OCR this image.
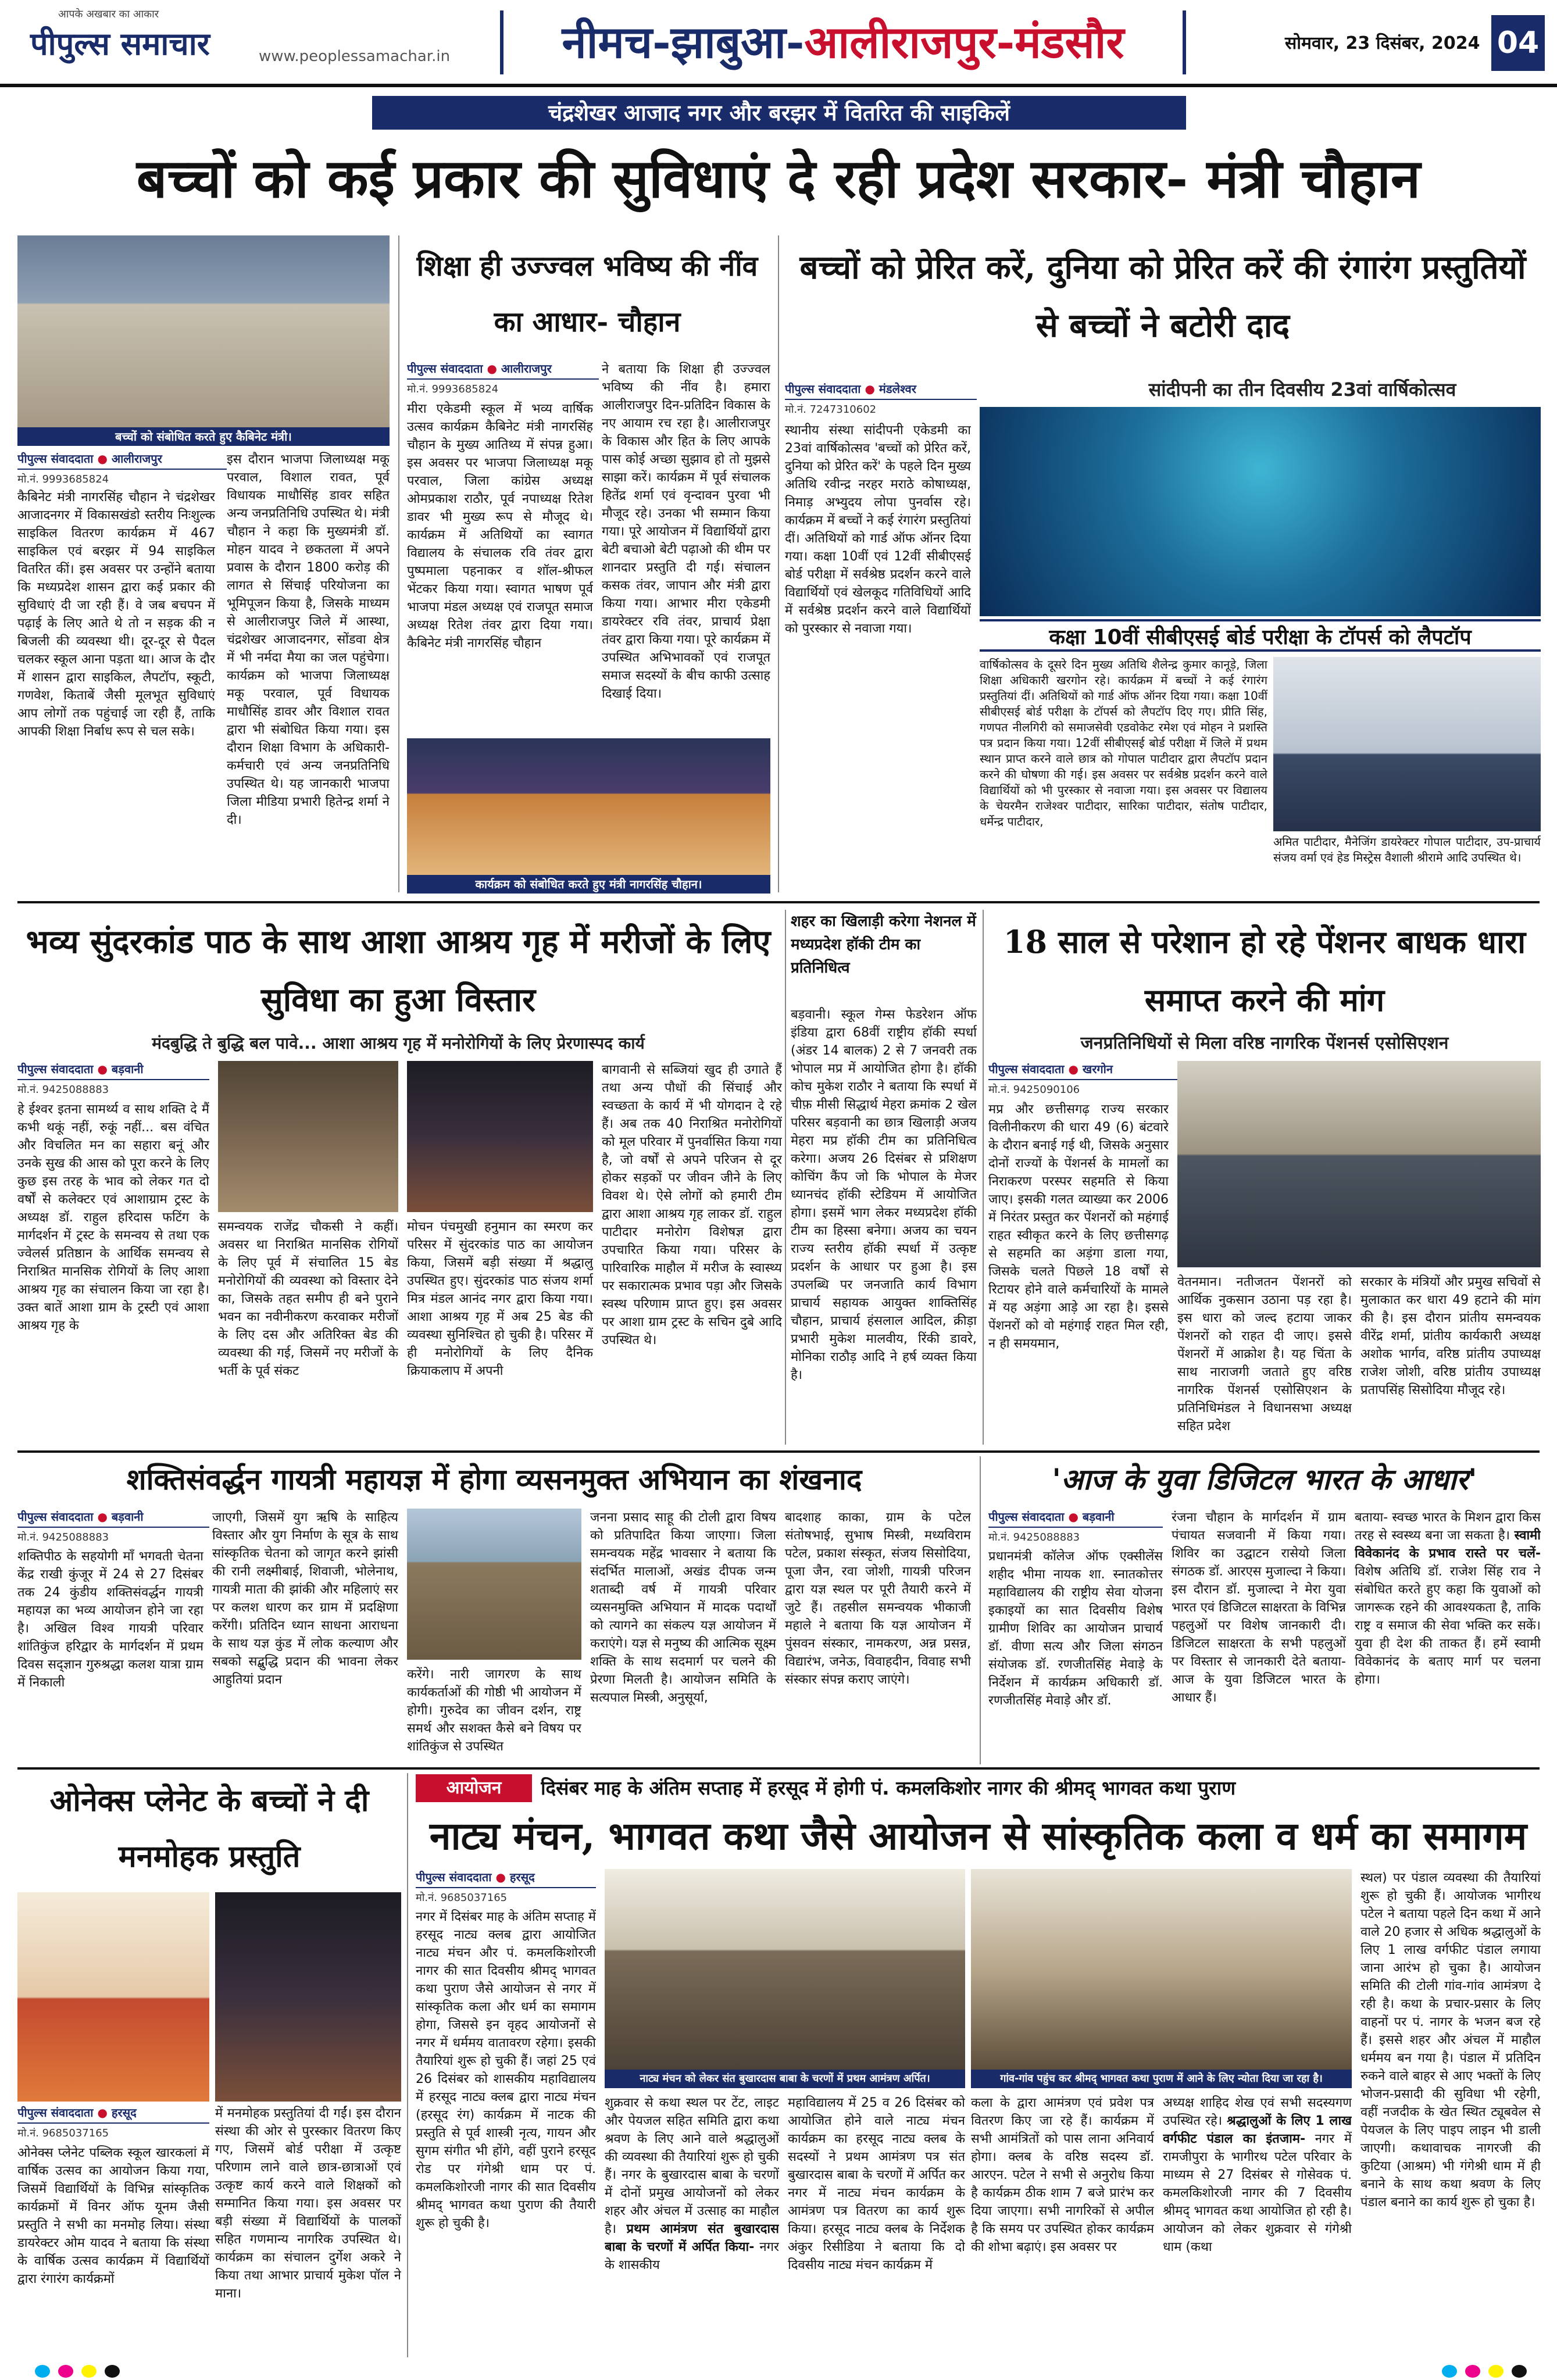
आपके अखबार का आकार
पीपुल्स समाचार	www.peoplessamachar.in	नीमच-झाबुआ-आलीराजपुर-मंडसौर	सोमवार, 23 दिसंबर, 2024 04
चंद्रशेखर आजाद नगर और बरझर में वितरित की साइकिलें
बच्चों को कई प्रकार की सुविधाएं दे रही प्रदेश सरकार- मंत्री चौहान
बच्चों को संबोधित करते हुए कैबिनेट मंत्री।
पीपुल्स संवाददाता ● आलीराजपुर
मो.नं. 9993685824
कैबिनेट मंत्री नागरसिंह चौहान ने चंद्रशेखर आजादनगर में विकासखंडो स्तरीय निःशुल्क साइकिल वितरण कार्यक्रम में 467 साइकिल एवं बरझर में 94 साइकिल वितरित कीं। इस अवसर पर उन्होंने बताया कि मध्यप्रदेश शासन द्वारा कई प्रकार की सुविधाएं दी जा रही हैं। वे जब बचपन में पढ़ाई के लिए आते थे तो न सड़क की न बिजली की व्यवस्था थी। दूर-दूर से पैदल चलकर स्कूल आना पड़ता था। आज के दौर में शासन द्वारा साइकिल, लैपटॉप, स्कूटी, गणवेश, किताबें जैसी मूलभूत सुविधाएं आप लोगों तक पहुंचाई जा रही हैं, ताकि आपकी शिक्षा निर्बाध रूप से चल सके।
इस दौरान भाजपा जिलाध्यक्ष मकू परवाल, विशाल रावत, पूर्व विधायक माधौसिंह डावर सहित अन्य जनप्रतिनिधि उपस्थित थे। मंत्री चौहान ने कहा कि मुख्यमंत्री डॉ. मोहन यादव ने छकतला में अपने प्रवास के दौरान 1800 करोड़ की लागत से सिंचाई परियोजना का भूमिपूजन किया है, जिसके माध्यम से आलीराजपुर जिले में आस्था, चंद्रशेखर आजादनगर, सोंडवा क्षेत्र में भी नर्मदा मैया का जल पहुंचेगा। कार्यक्रम को भाजपा जिलाध्यक्ष मकू परवाल, पूर्व विधायक माधौसिंह डावर और विशाल रावत द्वारा भी संबोधित किया गया। इस दौरान शिक्षा विभाग के अधिकारी-कर्मचारी एवं अन्य जनप्रतिनिधि उपस्थित थे। यह जानकारी भाजपा जिला मीडिया प्रभारी हितेन्द्र शर्मा ने दी।
शिक्षा ही उज्ज्वल भविष्य की नींव का आधार- चौहान
पीपुल्स संवाददाता ● आलीराजपुर
मो.नं. 9993685824
मीरा एकेडमी स्कूल में भव्य वार्षिक उत्सव कार्यक्रम कैबिनेट मंत्री नागरसिंह चौहान के मुख्य आतिथ्य में संपन्न हुआ। इस अवसर पर भाजपा जिलाध्यक्ष मकू परवाल, जिला कांग्रेस अध्यक्ष ओमप्रकाश राठौर, पूर्व नपाध्यक्ष रितेश डावर भी मुख्य रूप से मौजूद थे। कार्यक्रम में अतिथियों का स्वागत विद्यालय के संचालक रवि तंवर द्वारा पुष्पमाला पहनाकर व शॉल-श्रीफल भेंटकर किया गया। स्वागत भाषण पूर्व भाजपा मंडल अध्यक्ष एवं राजपूत समाज अध्यक्ष रितेश तंवर द्वारा दिया गया। कैबिनेट मंत्री नागरसिंह चौहान
ने बताया कि शिक्षा ही उज्ज्वल भविष्य की नींव है। हमारा आलीराजपुर दिन-प्रतिदिन विकास के नए आयाम रच रहा है। आलीराजपुर के विकास और हित के लिए आपके पास कोई अच्छा सुझाव हो तो मुझसे साझा करें। कार्यक्रम में पूर्व संचालक हितेंद्र शर्मा एवं वृन्दावन पुरवा भी मौजूद रहे। उनका भी सम्मान किया गया। पूरे आयोजन में विद्यार्थियों द्वारा बेटी बचाओ बेटी पढ़ाओ की थीम पर शानदार प्रस्तुति दी गई। संचालन कसक तंवर, जापान और मंत्री द्वारा किया गया। आभार मीरा एकेडमी डायरेक्टर रवि तंवर, प्राचार्य प्रेक्षा तंवर द्वारा किया गया। पूरे कार्यक्रम में उपस्थित अभिभावकों एवं राजपूत समाज सदस्यों के बीच काफी उत्साह दिखाई दिया।
कार्यक्रम को संबोधित करते हुए मंत्री नागरसिंह चौहान।
बच्चों को प्रेरित करें, दुनिया को प्रेरित करें की रंगारंग प्रस्तुतियों से बच्चों ने बटोरी दाद
सांदीपनी का तीन दिवसीय 23वां वार्षिकोत्सव
पीपुल्स संवाददाता ● मंडलेश्वर
मो.नं. 7247310602
स्थानीय संस्था सांदीपनी एकेडमी का 23वां वार्षिकोत्सव 'बच्चों को प्रेरित करें, दुनिया को प्रेरित करें' के पहले दिन मुख्य अतिथि रवीन्द्र नरहर मराठे कोषाध्यक्ष, निमाड़ अभ्युदय लोपा पुनर्वास रहे। कार्यक्रम में बच्चों ने कई रंगारंग प्रस्तुतियां दीं। अतिथियों को गार्ड ऑफ ऑनर दिया गया। कक्षा 10वीं एवं 12वीं सीबीएसई बोर्ड परीक्षा में सर्वश्रेष्ठ प्रदर्शन करने वाले विद्यार्थियों एवं खेलकूद गतिविधियों आदि में सर्वश्रेष्ठ प्रदर्शन करने वाले विद्यार्थियों को पुरस्कार से नवाजा गया।	कक्षा 10वीं सीबीएसई बोर्ड परीक्षा के टॉपर्स को लैपटॉप
वार्षिकोत्सव के दूसरे दिन मुख्य अतिथि शैलेन्द्र कुमार कानूड़े, जिला शिक्षा अधिकारी खरगोन रहे। कार्यक्रम में बच्चों ने कई रंगारंग प्रस्तुतियां दीं। अतिथियों को गार्ड ऑफ ऑनर दिया गया। कक्षा 10वीं सीबीएसई बोर्ड परीक्षा के टॉपर्स को लैपटॉप दिए गए। प्रीति सिंह, गणपत नीलगिरी को समाजसेवी एडवोकेट रमेश एवं मोहन ने प्रशस्ति पत्र प्रदान किया गया। 12वीं सीबीएसई बोर्ड परीक्षा में जिले में प्रथम स्थान प्राप्त करने वाले छात्र को गोपाल पाटीदार द्वारा लैपटॉप प्रदान करने की घोषणा की गई। इस अवसर पर सर्वश्रेष्ठ प्रदर्शन करने वाले विद्यार्थियों को भी पुरस्कार से नवाजा गया। इस अवसर पर विद्यालय के चेयरमैन राजेश्वर पाटीदार, सारिका पाटीदार, संतोष पाटीदार, धर्मेन्द्र पाटीदार,
अमित पाटीदार, मैनेजिंग डायरेक्टर गोपाल पाटीदार, उप-प्राचार्य संजय वर्मा एवं हेड मिस्ट्रेस वैशाली श्रीरामे आदि उपस्थित थे।
भव्य सुंदरकांड पाठ के साथ आशा आश्रय गृह में मरीजों के लिए सुविधा का हुआ विस्तार
मंदबुद्धि ते बुद्धि बल पावे... आशा आश्रय गृह में मनोरोगियों के लिए प्रेरणास्पद कार्य
पीपुल्स संवाददाता ● बड़वानी
मो.नं. 9425088883
हे ईश्वर इतना सामर्थ्य व साथ शक्ति दे मैं कभी थकूं नहीं, रुकूं नहीं... बस वंचित और विचलित मन का सहारा बनूं और उनके सुख की आस को पूरा करने के लिए कुछ इस तरह के भाव को लेकर गत दो वर्षों से कलेक्टर एवं आशाग्राम ट्रस्ट के अध्यक्ष डॉ. राहुल हरिदास फटिंग के मार्गदर्शन में ट्रस्ट के समन्वय से तथा एक ज्वेलर्स प्रतिष्ठान के आर्थिक समन्वय से निराश्रित मानसिक रोगियों के लिए आशा आश्रय गृह का संचालन किया जा रहा है। उक्त बातें आशा ग्राम के ट्रस्टी एवं आशा आश्रय गृह के
समन्वयक राजेंद्र चौकसी ने कहीं। अवसर था निराश्रित मानसिक रोगियों के लिए पूर्व में संचालित 15 बेड मनोरोगियों की व्यवस्था को विस्तार देने का, जिसके तहत समीप ही बने पुराने भवन का नवीनीकरण करवाकर मरीजों के लिए दस और अतिरिक्त बेड की व्यवस्था की गई, जिसमें नए मरीजों के भर्ती के पूर्व संकट
मोचन पंचमुखी हनुमान का स्मरण कर परिसर में सुंदरकांड पाठ का आयोजन किया, जिसमें बड़ी संख्या में श्रद्धालु उपस्थित हुए। सुंदरकांड पाठ संजय शर्मा मित्र मंडल आनंद नगर द्वारा किया गया। आशा आश्रय गृह में अब 25 बेड की व्यवस्था सुनिश्चित हो चुकी है। परिसर में ही मनोरोगियों के लिए दैनिक क्रियाकलाप में अपनी
बागवानी से सब्जियां खुद ही उगाते हैं तथा अन्य पौधों की सिंचाई और स्वच्छता के कार्य में भी योगदान दे रहे हैं। अब तक 40 निराश्रित मनोरोगियों को मूल परिवार में पुनर्वासित किया गया है, जो वर्षों से अपने परिजन से दूर होकर सड़कों पर जीवन जीने के लिए विवश थे। ऐसे लोगों को हमारी टीम द्वारा आशा आश्रय गृह लाकर डॉ. राहुल पाटीदार मनोरोग विशेषज्ञ द्वारा उपचारित किया गया। परिसर के पारिवारिक माहौल में मरीज के स्वास्थ्य पर सकारात्मक प्रभाव पड़ा और जिसके स्वस्थ परिणाम प्राप्त हुए। इस अवसर पर आशा ग्राम ट्रस्ट के सचिन दुबे आदि उपस्थित थे।
शहर का खिलाड़ी करेगा नेशनल में मध्यप्रदेश हॉकी टीम का प्रतिनिधित्व
बड़वानी। स्कूल गेम्स फेडरेशन ऑफ इंडिया द्वारा 68वीं राष्ट्रीय हॉकी स्पर्धा (अंडर 14 बालक) 2 से 7 जनवरी तक भोपाल मप्र में आयोजित होगा है। हॉकी कोच मुकेश राठौर ने बताया कि स्पर्धा में चीफ़ मीसी सिद्धार्थ मेहरा क्रमांक 2 खेल परिसर बड़वानी का छात्र खिलाड़ी अजय मेहरा मप्र हॉकी टीम का प्रतिनिधित्व करेगा। अजय 26 दिसंबर से प्रशिक्षण कोचिंग कैंप जो कि भोपाल के मेजर ध्यानचंद हॉकी स्टेडियम में आयोजित होगा। इसमें भाग लेकर मध्यप्रदेश हॉकी टीम का हिस्सा बनेगा। अजय का चयन राज्य स्तरीय हॉकी स्पर्धा में उत्कृष्ट प्रदर्शन के आधार पर हुआ है। इस उपलब्धि पर जनजाति कार्य विभाग प्राचार्य सहायक आयुक्त शाक्तिसिंह चौहान, प्राचार्य हंसलाल आदिल, क्रीड़ा प्रभारी मुकेश मालवीय, रिंकी डावरे, मोनिका राठौड़ आदि ने हर्ष व्यक्त किया है।
18 साल से परेशान हो रहे पेंशनर बाधक धारा समाप्त करने की मांग
जनप्रतिनिधियों से मिला वरिष्ठ नागरिक पेंशनर्स एसोसिएशन
पीपुल्स संवाददाता ● खरगोन
मो.नं. 9425090106
मप्र और छत्तीसगढ़ राज्य सरकार विलीनीकरण की धारा 49 (6) बंटवारे के दौरान बनाई गई थी, जिसके अनुसार दोनों राज्यों के पेंशनर्स के मामलों का निराकरण परस्पर सहमति से किया जाए। इसकी गलत व्याख्या कर 2006 में निरंतर प्रस्तुत कर पेंशनरों को महंगाई राहत स्वीकृत करने के लिए छत्तीसगढ़ से सहमति का अड़ंगा डाला गया, जिसके चलते पिछले 18 वर्षों से रिटायर होने वाले कर्मचारियों के मामले में यह अड़ंगा आड़े आ रहा है। इससे पेंशनरों को वो महंगाई राहत मिल रही, न ही समयमान,
वेतनमान। नतीजतन पेंशनरों को आर्थिक नुकसान उठाना पड़ रहा है। इस धारा को जल्द हटाया जाकर पेंशनरों को राहत दी जाए। इससे पेंशनरों में आक्रोश है। यह चिंता के साथ नाराजगी जताते हुए वरिष्ठ नागरिक पेंशनर्स एसोसिएशन के प्रतिनिधिमंडल ने विधानसभा अध्यक्ष सहित प्रदेश
सरकार के मंत्रियों और प्रमुख सचिवों से मुलाकात कर धारा 49 हटाने की मांग की है। इस दौरान प्रांतीय समन्वयक वीरेंद्र शर्मा, प्रांतीय कार्यकारी अध्यक्ष अशोक भार्गव, वरिष्ठ प्रांतीय उपाध्यक्ष राजेश जोशी, वरिष्ठ प्रांतीय उपाध्यक्ष प्रतापसिंह सिसोदिया मौजूद रहे।
शक्तिसंवर्द्धन गायत्री महायज्ञ में होगा व्यसनमुक्त अभियान का शंखनाद
पीपुल्स संवाददाता ● बड़वानी
मो.नं. 9425088883
शक्तिपीठ के सहयोगी माँ भगवती चेतना केंद्र राखी कुंजूर में 24 से 27 दिसंबर तक 24 कुंडीय शक्तिसंवर्द्धन गायत्री महायज्ञ का भव्य आयोजन होने जा रहा है। अखिल विश्व गायत्री परिवार शांतिकुंज हरिद्वार के मार्गदर्शन में प्रथम दिवस सद्ज्ञान गुरुश्रद्धा कलश यात्रा ग्राम में निकाली
जाएगी, जिसमें युग ऋषि के साहित्य विस्तार और युग निर्माण के सूत्र के साथ सांस्कृतिक चेतना को जागृत करने झांसी की रानी लक्ष्मीबाई, शिवाजी, भोलेनाथ, गायत्री माता की झांकी और महिलाएं सर पर कलश धारण कर ग्राम में प्रदक्षिणा करेंगी। प्रतिदिन ध्यान साधना आराधना के साथ यज्ञ कुंड में लोक कल्याण और सबको सद्बुद्धि प्रदान की भावना लेकर आहुतियां प्रदान	करेंगे। नारी जागरण के साथ कार्यकर्ताओं की गोष्ठी भी आयोजन में होगी। गुरुदेव का जीवन दर्शन, राष्ट्र समर्थ और सशक्त कैसे बने विषय पर शांतिकुंज से उपस्थित
जनना प्रसाद साहू की टोली द्वारा विषय को प्रतिपादित किया जाएगा। जिला समन्वयक महेंद्र भावसार ने बताया कि संदर्भित मालाओं, अखंड दीपक जन्म शताब्दी वर्ष में गायत्री परिवार व्यसनमुक्ति अभियान में मादक पदार्थों को त्यागने का संकल्प यज्ञ आयोजन में कराएंगे। यज्ञ से मनुष्य की आत्मिक सूक्ष्म शक्ति के साथ सदमार्ग पर चलने की प्रेरणा मिलती है। आयोजन समिति के सत्यपाल मिस्त्री, अनुसूर्या,
बादशाह काका, ग्राम के पटेल संतोषभाई, सुभाष मिस्त्री, मध्यविराम पटेल, प्रकाश संस्कृत, संजय सिसोदिया, पूजा जैन, रवा जोशी, गायत्री परिजन द्वारा यज्ञ स्थल पर पूरी तैयारी करने में जुटे हैं। तहसील समन्वयक भीकाजी महाले ने बताया कि यज्ञ आयोजन में पुंसवन संस्कार, नामकरण, अन्न प्रसन्न, विद्यारंभ, जनेऊ, विवाहदीन, विवाह सभी संस्कार संपन्न कराए जाएंगे।
'आज के युवा डिजिटल भारत के आधार'
पीपुल्स संवाददाता ● बड़वानी
मो.नं. 9425088883
प्रधानमंत्री कॉलेज ऑफ एक्सीलेंस शहीद भीमा नायक शा. स्नातकोत्तर महाविद्यालय की राष्ट्रीय सेवा योजना इकाइयों का सात दिवसीय विशेष ग्रामीण शिविर का आयोजन प्राचार्य डॉ. वीणा सत्य और जिला संगठन संयोजक डॉ. रणजीतसिंह मेवाड़े के निर्देशन में कार्यक्रम अधिकारी डॉ. रणजीतसिंह मेवाड़े और डॉ.
रंजना चौहान के मार्गदर्शन में ग्राम पंचायत सजवानी में किया गया। शिविर का उद्घाटन रासेयो जिला संगठक डॉ. आरएस मुजाल्दा ने किया। इस दौरान डॉ. मुजाल्दा ने मेरा युवा भारत एवं डिजिटल साक्षरता के विभिन्न पहलुओं पर विशेष जानकारी दी। डिजिटल साक्षरता के सभी पहलुओं पर विस्तार से जानकारी देते बताया- आज के युवा डिजिटल भारत के आधार हैं।
बताया- स्वच्छ भारत के मिशन द्वारा किस तरह से स्वस्थ्य बना जा सकता है। स्वामी विवेकानंद के प्रभाव रास्ते पर चलें- विशेष अतिथि डॉ. राजेश सिंह राव ने संबोधित करते हुए कहा कि युवाओं को जागरूक रहने की आवश्यकता है, ताकि राष्ट्र व समाज की सेवा भक्ति कर सकें। युवा ही देश की ताकत हैं। हमें स्वामी विवेकानंद के बताए मार्ग पर चलना होगा।
ओनेक्स प्लेनेट के बच्चों ने दी मनमोहक प्रस्तुति
पीपुल्स संवाददाता ● हरसूद
मो.नं. 9685037165
ओनेक्स प्लेनेट पब्लिक स्कूल खारकलां में वार्षिक उत्सव का आयोजन किया गया, जिसमें विद्यार्थियों के विभिन्न सांस्कृतिक कार्यक्रमों में विनर ऑफ यूनम जैसी प्रस्तुति ने सभी का मनमोह लिया। संस्था डायरेक्टर ओम यादव ने बताया कि संस्था के वार्षिक उत्सव कार्यक्रम में विद्यार्थियों द्वारा रंगारंग कार्यक्रमों
में मनमोहक प्रस्तुतियां दी गईं। इस दौरान संस्था की ओर से पुरस्कार वितरण किए गए, जिसमें बोर्ड परीक्षा में उत्कृष्ट परिणाम लाने वाले छात्र-छात्राओं एवं उत्कृष्ट कार्य करने वाले शिक्षकों को सम्मानित किया गया। इस अवसर पर बड़ी संख्या में विद्यार्थियों के पालकों सहित गणमान्य नागरिक उपस्थित थे। कार्यक्रम का संचालन दुर्गेश अकरे ने किया तथा आभार प्राचार्य मुकेश पॉल ने माना।
आयोजन	दिसंबर माह के अंतिम सप्ताह में हरसूद में होगी पं. कमलकिशोर नागर की श्रीमद् भागवत कथा पुराण
नाट्य मंचन, भागवत कथा जैसे आयोजन से सांस्कृतिक कला व धर्म का समागम
पीपुल्स संवाददाता ● हरसूद
मो.नं. 9685037165
नगर में दिसंबर माह के अंतिम सप्ताह में हरसूद नाट्य क्लब द्वारा आयोजित नाट्य मंचन और पं. कमलकिशोरजी नागर की सात दिवसीय श्रीमद् भागवत कथा पुराण जैसे आयोजन से नगर में सांस्कृतिक कला और धर्म का समागम होगा, जिससे इन वृहद आयोजनों से नगर में धर्ममय वातावरण रहेगा। इसकी तैयारियां शुरू हो चुकी हैं। जहां 25 एवं 26 दिसंबर को शासकीय महाविद्यालय में हरसूद नाट्य क्लब द्वारा नाट्य मंचन (हरसूद रंग) कार्यक्रम में नाटक की प्रस्तुति से पूर्व शास्त्री नृत्य, गायन और सुगम संगीत भी होंगे, वहीं पुराने हरसूद रोड पर गंगेश्री धाम पर पं. कमलकिशोरजी नागर की सात दिवसीय श्रीमद् भागवत कथा पुराण की तैयारी शुरू हो चुकी है।
नाट्य मंचन को लेकर संत बुखारदास बाबा के चरणों में प्रथम आमंत्रण अर्पित।	गांव-गांव पहुंच कर श्रीमद् भागवत कथा पुराण में आने के लिए न्योता दिया जा रहा है।
शुक्रवार से कथा स्थल पर टेंट, लाइट और पेयजल सहित समिति द्वारा कथा श्रवण के लिए आने वाले श्रद्धालुओं की व्यवस्था की तैयारियां शुरू हो चुकी हैं। नगर के बुखारदास बाबा के चरणों में दोनों प्रमुख आयोजनों को लेकर शहर और अंचल में उत्साह का माहौल है। प्रथम आमंत्रण संत बुखारदास बाबा के चरणों में अर्पित किया- नगर के शासकीय
महाविद्यालय में 25 व 26 दिसंबर को आयोजित होने वाले नाट्य मंचन कार्यक्रम का हरसूद नाट्य क्लब के सदस्यों ने प्रथम आमंत्रण पत्र संत बुखारदास बाबा के चरणों में अर्पित कर नगर में नाट्य मंचन कार्यक्रम के आमंत्रण पत्र वितरण का कार्य शुरू किया। हरसूद नाट्य क्लब के निर्देशक अंकुर रिसीडिया ने बताया कि दो दिवसीय नाट्य मंचन कार्यक्रम में
कला के द्वारा आमंत्रण एवं प्रवेश पत्र वितरण किए जा रहे हैं। कार्यक्रम में सभी आमंत्रितों को पास लाना अनिवार्य होगा। क्लब के वरिष्ठ सदस्य डॉ. आरएन. पटेल ने सभी से अनुरोध किया है कार्यक्रम ठीक शाम 7 बजे प्रारंभ कर दिया जाएगा। सभी नागरिकों से अपील है कि समय पर उपस्थित होकर कार्यक्रम की शोभा बढ़ाएं। इस अवसर पर
अध्यक्ष शाहिद शेख एवं सभी सदस्यगण उपस्थित रहे। श्रद्धालुओं के लिए 1 लाख वर्गफीट पंडाल का इंतजाम- नगर में रामजीपुरा के भागीरथ पटेल परिवार के माध्यम से 27 दिसंबर से गोसेवक पं. कमलकिशोरजी नागर की 7 दिवसीय श्रीमद् भागवत कथा आयोजित हो रही है। आयोजन को लेकर शुक्रवार से गंगेश्री धाम (कथा
स्थल) पर पंडाल व्यवस्था की तैयारियां शुरू हो चुकी हैं। आयोजक भागीरथ पटेल ने बताया पहले दिन कथा में आने वाले 20 हजार से अधिक श्रद्धालुओं के लिए 1 लाख वर्गफीट पंडाल लगाया जाना आरंभ हो चुका है। आयोजन समिति की टोली गांव-गांव आमंत्रण दे रही है। कथा के प्रचार-प्रसार के लिए वाहनों पर पं. नागर के भजन बज रहे हैं। इससे शहर और अंचल में माहौल धर्ममय बन गया है। पंडाल में प्रतिदिन रुकने वाले बाहर से आए भक्तों के लिए भोजन-प्रसादी की सुविधा भी रहेगी, वहीं नजदीक के खेत स्थित ट्यूबवेल से पेयजल के लिए पाइप लाइन भी डाली जाएगी। कथावाचक नागरजी की कुटिया (आश्रम) भी गंगेश्री धाम में ही बनाने के साथ कथा श्रवण के लिए पंडाल बनाने का कार्य शुरू हो चुका है।
